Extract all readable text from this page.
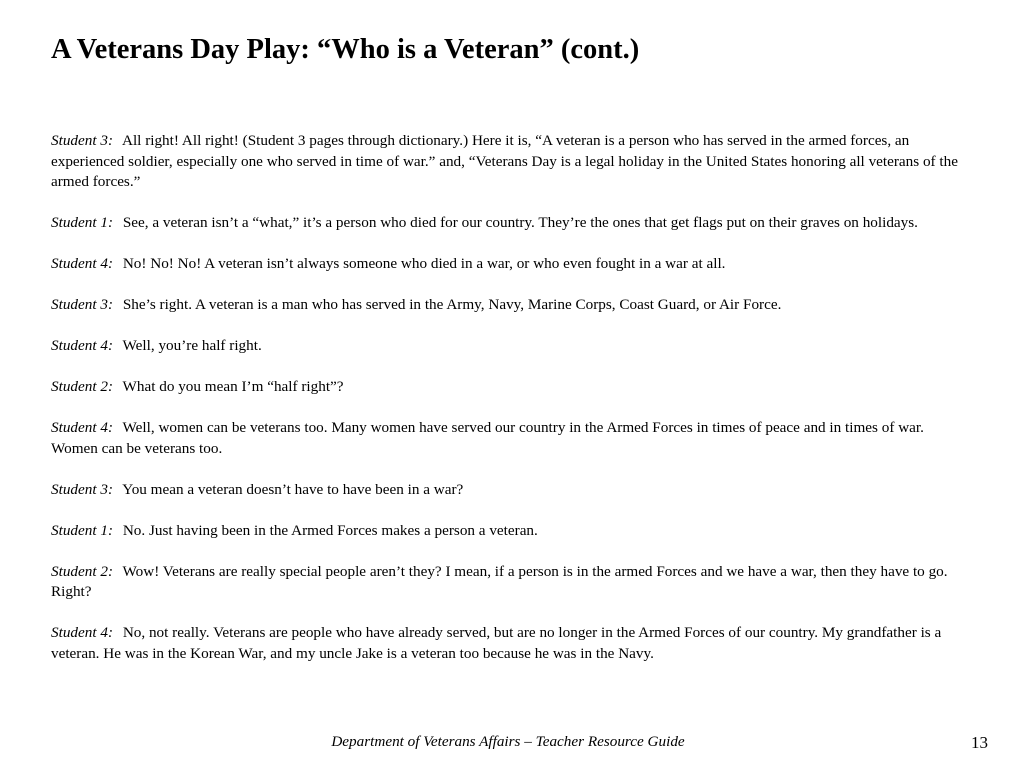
A Veterans Day Play: “Who is a Veteran” (cont.)

Student 3: All right! All right! (Student 3 pages through dictionary.) Here it is, “A veteran is a person who has served in the armed forces, an experienced soldier, especially one who served in time of war.” and, “Veterans Day is a legal holiday in the United States honoring all veterans of the armed forces.”

Student 1: See, a veteran isn’t a “what,” it’s a person who died for our country. They’re the ones that get flags put on their graves on holidays.

Student 4: No! No! No! A veteran isn’t always someone who died in a war, or who even fought in a war at all.

Student 3: She’s right. A veteran is a man who has served in the Army, Navy, Marine Corps, Coast Guard, or Air Force.

Student 4: Well, you’re half right.

Student 2: What do you mean I’m “half right”?

Student 4: Well, women can be veterans too. Many women have served our country in the Armed Forces in times of peace and in times of war. Women can be veterans too.

Student 3: You mean a veteran doesn’t have to have been in a war?

Student 1: No. Just having been in the Armed Forces makes a person a veteran.

Student 2: Wow! Veterans are really special people aren’t they? I mean, if a person is in the armed Forces and we have a war, then they have to go. Right?

Student 4: No, not really. Veterans are people who have already served, but are no longer in the Armed Forces of our country. My grandfather is a veteran. He was in the Korean War, and my uncle Jake is a veteran too because he was in the Navy.

Department of Veterans Affairs – Teacher Resource Guide	13
